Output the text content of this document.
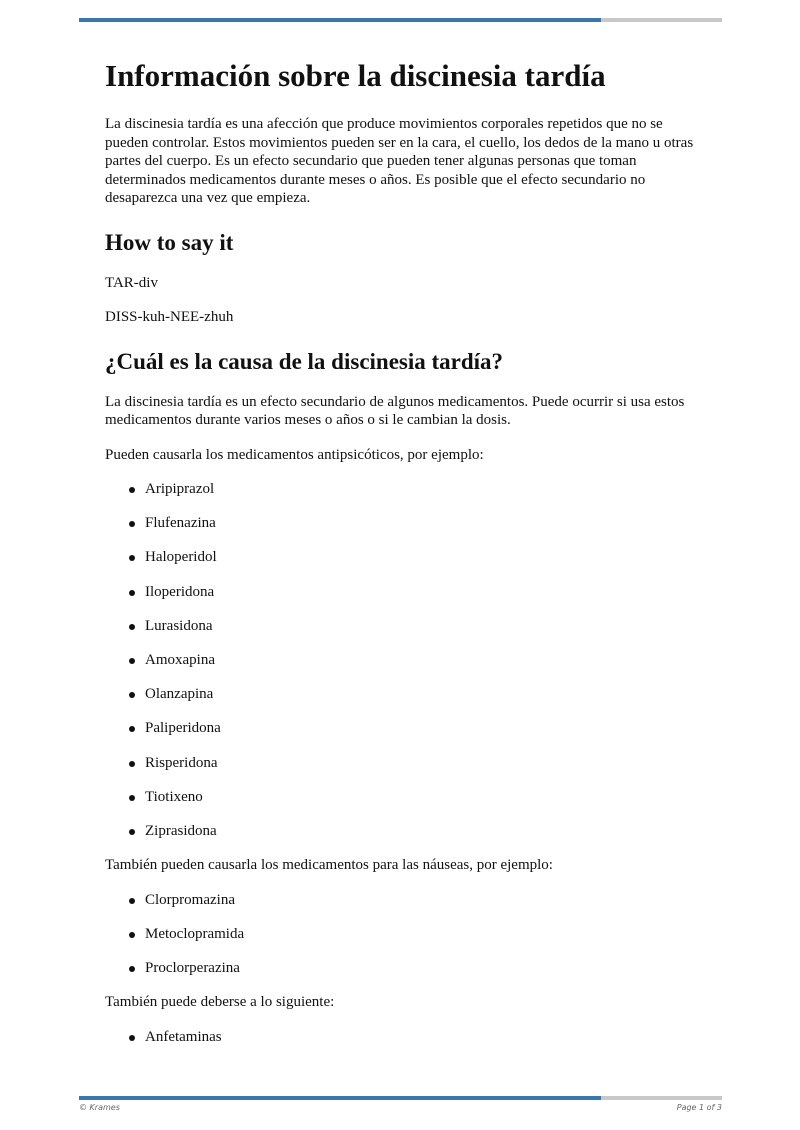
Información sobre la discinesia tardía

La discinesia tardía es una afección que produce movimientos corporales repetidos que no se pueden controlar. Estos movimientos pueden ser en la cara, el cuello, los dedos de la mano u otras partes del cuerpo. Es un efecto secundario que pueden tener algunas personas que toman determinados medicamentos durante meses o años. Es posible que el efecto secundario no desaparezca una vez que empieza.

How to say it

TAR-div

DISS-kuh-NEE-zhuh

¿Cuál es la causa de la discinesia tardía?

La discinesia tardía es un efecto secundario de algunos medicamentos. Puede ocurrir si usa estos medicamentos durante varios meses o años o si le cambian la dosis.

Pueden causarla los medicamentos antipsicóticos, por ejemplo:

Aripiprazol
Flufenazina
Haloperidol
Iloperidona
Lurasidona
Amoxapina
Olanzapina
Paliperidona
Risperidona
Tiotixeno
Ziprasidona

También pueden causarla los medicamentos para las náuseas, por ejemplo:

Clorpromazina
Metoclopramida
Proclorperazina

También puede deberse a lo siguiente:

Anfetaminas
© Krames	Page 1 of 3
